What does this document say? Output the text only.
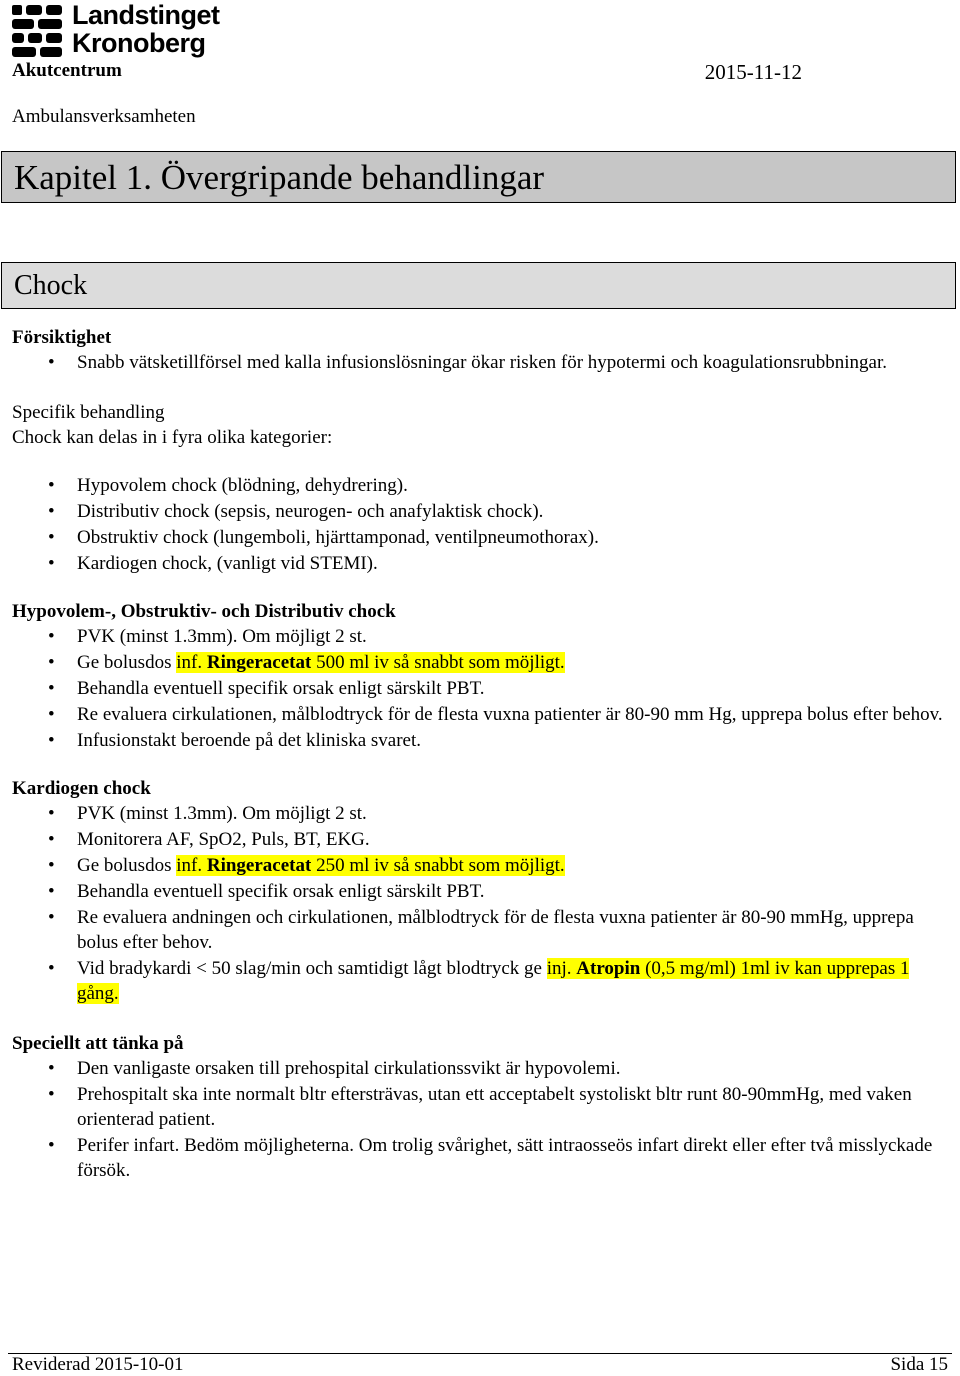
Landstinget
Kronoberg
Akutcentrum	2015-11-12
Ambulansverksamheten
Kapitel 1. Övergripande behandlingar
Chock
Försiktighet
• Snabb vätsketillförsel med kalla infusionslösningar ökar risken för hypotermi och koagulationsrubbningar.
Specifik behandling

Chock kan delas in i fyra olika kategorier:

• Hypovolem chock (blödning, dehydrering).
• Distributiv chock (sepsis, neurogen- och anafylaktisk chock).
• Obstruktiv chock (lungemboli, hjärttamponad, ventilpneumothorax).
• Kardiogen chock, (vanligt vid STEMI).
Hypovolem-, Obstruktiv- och Distributiv chock
• PVK (minst 1.3mm). Om möjligt 2 st.
• Ge bolusdos inf. Ringeracetat 500 ml iv så snabbt som möjligt.
• Behandla eventuell specifik orsak enligt särskilt PBT.
• Re evaluera cirkulationen, målblodtryck för de flesta vuxna patienter är 80-90 mm Hg, upprepa bolus efter behov.
• Infusionstakt beroende på det kliniska svaret.
Kardiogen chock
• PVK (minst 1.3mm). Om möjligt 2 st.
• Monitorera AF, SpO2, Puls, BT, EKG.
• Ge bolusdos inf. Ringeracetat 250 ml iv så snabbt som möjligt.
• Behandla eventuell specifik orsak enligt särskilt PBT.
• Re evaluera andningen och cirkulationen, målblodtryck för de flesta vuxna patienter är 80-90 mmHg, upprepa bolus efter behov.
• Vid bradykardi < 50 slag/min och samtidigt lågt blodtryck ge inj. Atropin (0,5 mg/ml) 1ml iv kan upprepas 1 gång.
Speciellt att tänka på
• Den vanligaste orsaken till prehospital cirkulationssvikt är hypovolemi.
• Prehospitalt ska inte normalt bltr eftersträvas, utan ett acceptabelt systoliskt bltr runt 80-90mmHg, med vaken orienterad patient.
• Perifer infart. Bedöm möjligheterna. Om trolig svårighet, sätt intraosseös infart direkt eller efter två misslyckade försök.
Reviderad 2015-10-01	Sida 15
